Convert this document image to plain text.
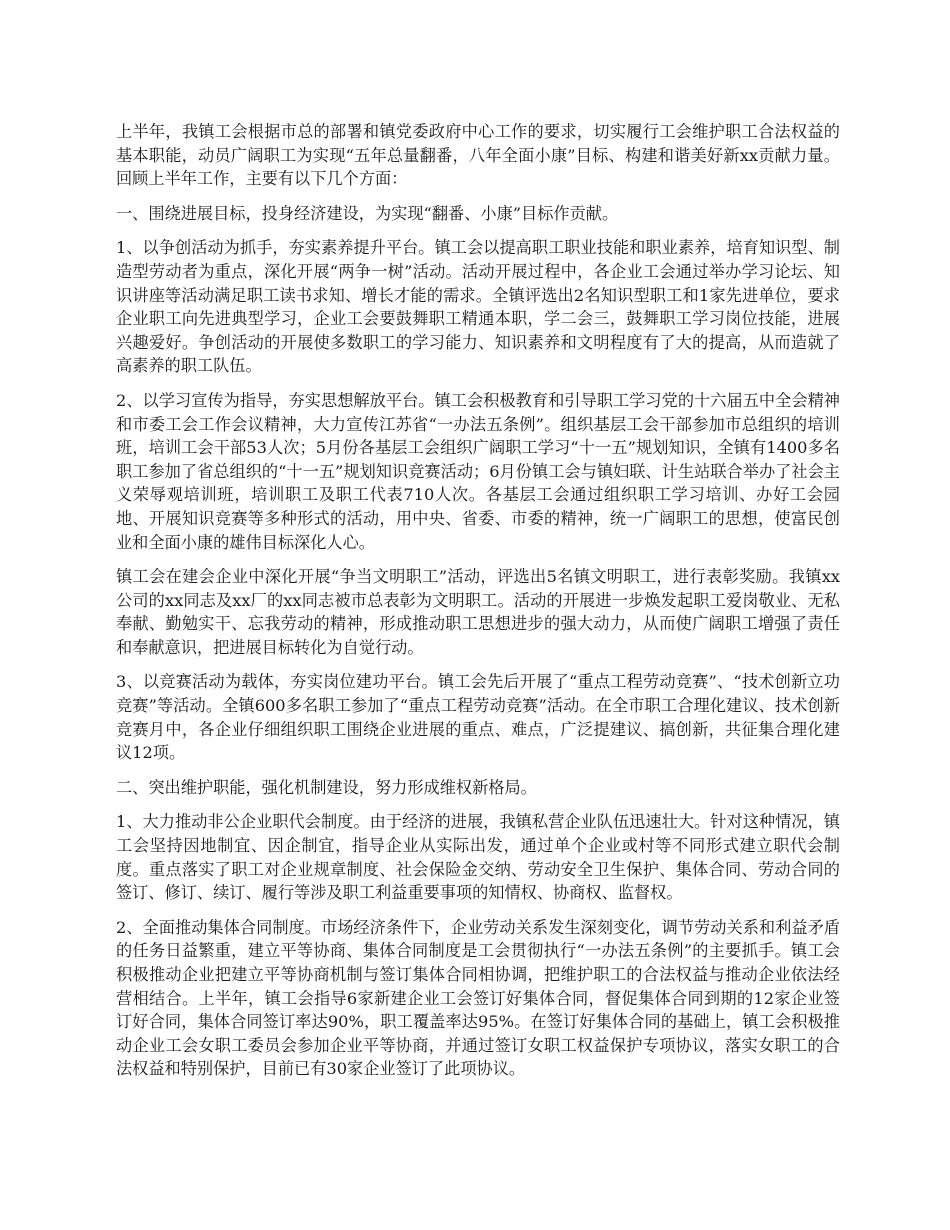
上半年，我镇工会根据市总的部署和镇党委政府中心工作的要求，切实履行工会维护职工合法权益的基本职能，动员广阔职工为实现“五年总量翻番，八年全面小康”目标、构建和谐美好新xx贡献力量。回顾上半年工作，主要有以下几个方面：

一、围绕进展目标，投身经济建设，为实现“翻番、小康”目标作贡献。

1、以争创活动为抓手，夯实素养提升平台。镇工会以提高职工职业技能和职业素养，培育知识型、制造型劳动者为重点，深化开展“两争一树”活动。活动开展过程中，各企业工会通过举办学习论坛、知识讲座等活动满足职工读书求知、增长才能的需求。全镇评选出2名知识型职工和1家先进单位，要求企业职工向先进典型学习，企业工会要鼓舞职工精通本职，学二会三，鼓舞职工学习岗位技能，进展兴趣爱好。争创活动的开展使多数职工的学习能力、知识素养和文明程度有了大的提高，从而造就了高素养的职工队伍。

2、以学习宣传为指导，夯实思想解放平台。镇工会积极教育和引导职工学习党的十六届五中全会精神和市委工会工作会议精神，大力宣传江苏省“一办法五条例”。组织基层工会干部参加市总组织的培训班，培训工会干部53人次；5月份各基层工会组织广阔职工学习“十一五”规划知识，全镇有1400多名职工参加了省总组织的“十一五”规划知识竞赛活动；6月份镇工会与镇妇联、计生站联合举办了社会主义荣辱观培训班，培训职工及职工代表710人次。各基层工会通过组织职工学习培训、办好工会园地、开展知识竞赛等多种形式的活动，用中央、省委、市委的精神，统一广阔职工的思想，使富民创业和全面小康的雄伟目标深化人心。

镇工会在建会企业中深化开展“争当文明职工”活动，评选出5名镇文明职工，进行表彰奖励。我镇xx公司的xx同志及xx厂的xx同志被市总表彰为文明职工。活动的开展进一步焕发起职工爱岗敬业、无私奉献、勤勉实干、忘我劳动的精神，形成推动职工思想进步的强大动力，从而使广阔职工增强了责任和奉献意识，把进展目标转化为自觉行动。

3、以竞赛活动为载体，夯实岗位建功平台。镇工会先后开展了“重点工程劳动竞赛”、“技术创新立功竞赛”等活动。全镇600多名职工参加了“重点工程劳动竞赛”活动。在全市职工合理化建议、技术创新竞赛月中，各企业仔细组织职工围绕企业进展的重点、难点，广泛提建议、搞创新，共征集合理化建议12项。

二、突出维护职能，强化机制建设，努力形成维权新格局。

1、大力推动非公企业职代会制度。由于经济的进展，我镇私营企业队伍迅速壮大。针对这种情况，镇工会坚持因地制宜、因企制宜，指导企业从实际出发，通过单个企业或村等不同形式建立职代会制度。重点落实了职工对企业规章制度、社会保险金交纳、劳动安全卫生保护、集体合同、劳动合同的签订、修订、续订、履行等涉及职工利益重要事项的知情权、协商权、监督权。

2、全面推动集体合同制度。市场经济条件下，企业劳动关系发生深刻变化，调节劳动关系和利益矛盾的任务日益繁重，建立平等协商、集体合同制度是工会贯彻执行“一办法五条例”的主要抓手。镇工会积极推动企业把建立平等协商机制与签订集体合同相协调，把维护职工的合法权益与推动企业依法经营相结合。上半年，镇工会指导6家新建企业工会签订好集体合同，督促集体合同到期的12家企业签订好合同，集体合同签订率达90%，职工覆盖率达95%。在签订好集体合同的基础上，镇工会积极推动企业工会女职工委员会参加企业平等协商，并通过签订女职工权益保护专项协议，落实女职工的合法权益和特别保护，目前已有30家企业签订了此项协议。
